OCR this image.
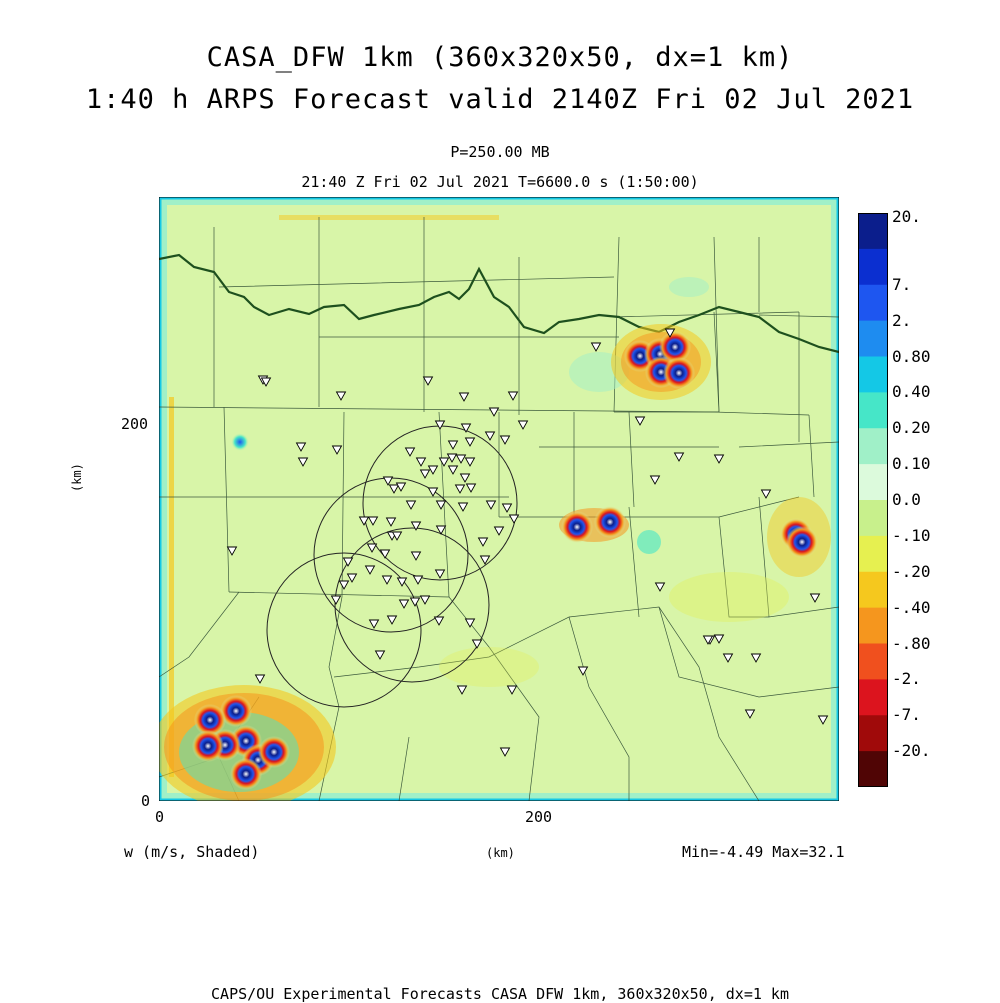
CASA_DFW 1km (360x320x50, dx=1 km)
1:40 h ARPS Forecast valid 2140Z Fri 02 Jul 2021
P=250.00 MB
21:40 Z Fri 02 Jul 2021 T=6600.0 s (1:50:00)
0
200
0	200
(km)
(km)
w (m/s, Shaded)	Min=-4.49 Max=32.1
20.
7.
2.
0.80
0.40
0.20
0.10
0.0
-.10
-.20
-.40
-.80
-2.
-7.
-20.
CAPS/OU Experimental Forecasts CASA DFW 1km, 360x320x50, dx=1 km
